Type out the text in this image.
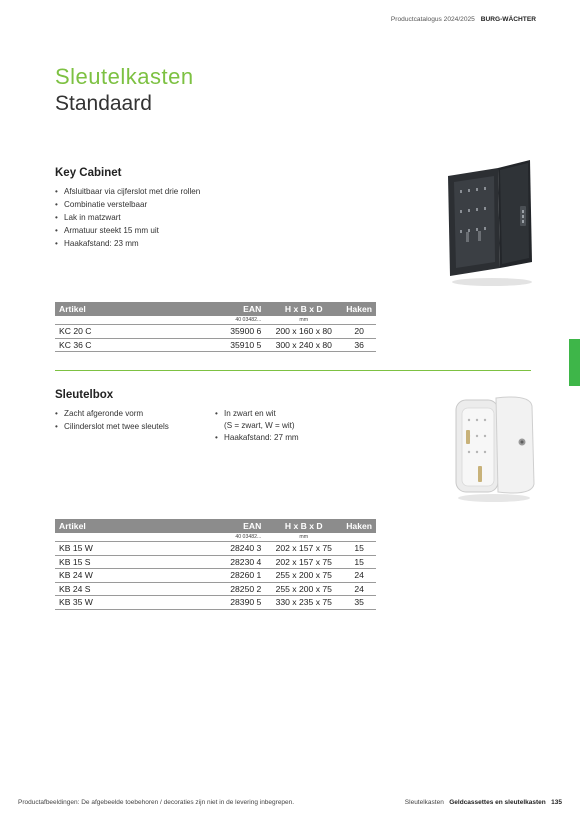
Productcatalogus 2024/2025 BURG-WÄCHTER
Sleutelkasten
Standaard
Key Cabinet
• Afsluitbaar via cijferslot met drie rollen
• Combinatie verstelbaar
• Lak in matzwart
• Armatuur steekt 15 mm uit
• Haakafstand: 23 mm
Artikel	EAN	H x B x D	Haken
	40 03482...	mm	
KC 20 C	35900 6	200 x 160 x 80	20
KC 36 C	35910 5	300 x 240 x 80	36
Sleutelbox
• Zacht afgeronde vorm
• Cilinderslot met twee sleutels
• In zwart en wit
(S = zwart, W = wit)
• Haakafstand: 27 mm
Artikel	EAN	H x B x D	Haken
	40 03482...	mm	
KB 15 W	28240 3	202 x 157 x 75	15
KB 15 S	28230 4	202 x 157 x 75	15
KB 24 W	28260 1	255 x 200 x 75	24
KB 24 S	28250 2	255 x 200 x 75	24
KB 35 W	28390 5	330 x 235 x 75	35
Productafbeeldingen: De afgebeelde toebehoren / decoraties zijn niet in de levering inbegrepen.	Sleutelkasten Geldcassettes en sleutelkasten 135
